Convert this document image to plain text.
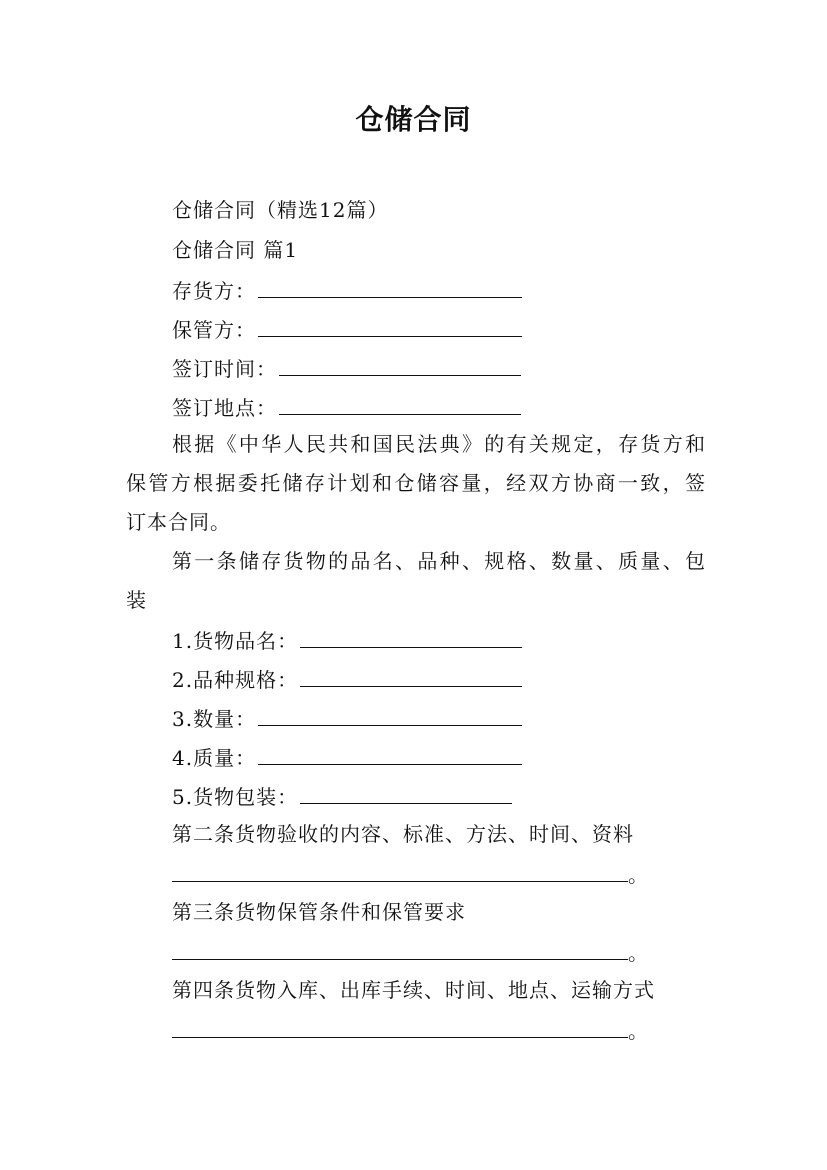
仓储合同
仓储合同（精选12篇）
仓储合同 篇1
存货方：
保管方：
签订时间：
签订地点：
根据《中华人民共和国民法典》的有关规定，存货方和
保管方根据委托储存计划和仓储容量，经双方协商一致，签
订本合同。
第一条储存货物的品名、品种、规格、数量、质量、包
装
1.货物品名：
2.品种规格：
3.数量：
4.质量：
5.货物包装：
第二条货物验收的内容、标准、方法、时间、资料
。
第三条货物保管条件和保管要求
。
第四条货物入库、出库手续、时间、地点、运输方式
。
